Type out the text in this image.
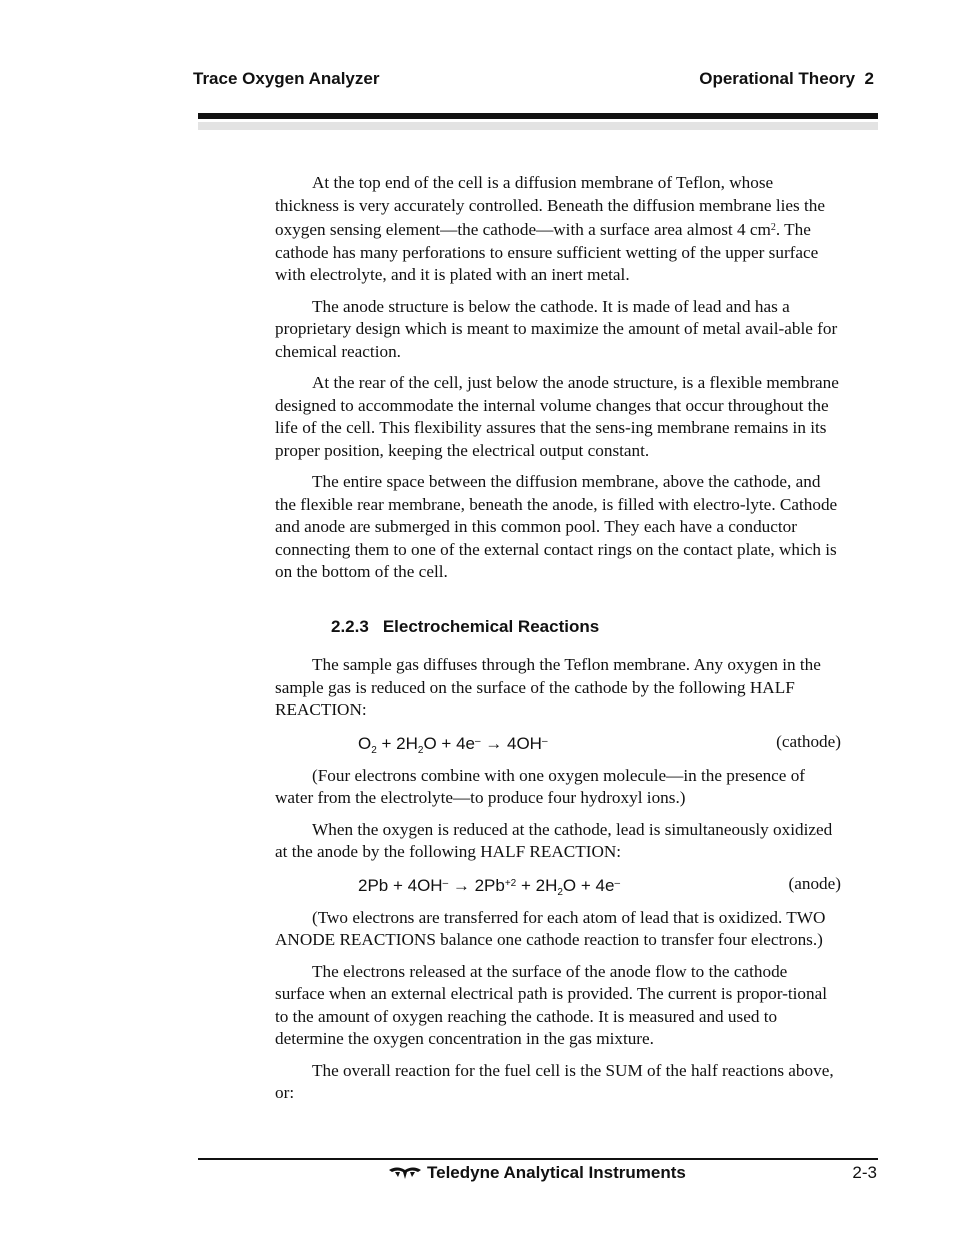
Trace Oxygen Analyzer	Operational Theory  2

At the top end of the cell is a diffusion membrane of Teflon, whose thickness is very accurately controlled. Beneath the diffusion membrane lies the oxygen sensing element—the cathode—with a surface area almost 4 $cm^2$. The cathode has many perforations to ensure sufficient wetting of the upper surface with electrolyte, and it is plated with an inert metal.

The anode structure is below the cathode. It is made of lead and has a proprietary design which is meant to maximize the amount of metal avail-able for chemical reaction.

At the rear of the cell, just below the anode structure, is a flexible membrane designed to accommodate the internal volume changes that occur throughout the life of the cell. This flexibility assures that the sens-ing membrane remains in its proper position, keeping the electrical output constant.

The entire space between the diffusion membrane, above the cathode, and the flexible rear membrane, beneath the anode, is filled with electro-lyte. Cathode and anode are submerged in this common pool. They each have a conductor connecting them to one of the external contact rings on the contact plate, which is on the bottom of the cell.

2.2.3 Electrochemical Reactions

The sample gas diffuses through the Teflon membrane. Any oxygen in the sample gas is reduced on the surface of the cathode by the following HALF REACTION:

$O_2 + 2H_2O + 4e^- \to 4OH^-$	(cathode)

(Four electrons combine with one oxygen molecule—in the presence of water from the electrolyte—to produce four hydroxyl ions.)

When the oxygen is reduced at the cathode, lead is simultaneously oxidized at the anode by the following HALF REACTION:

$2Pb + 4OH^- \to 2Pb^{+2} + 2H_2O + 4e^-$	(anode)

(Two electrons are transferred for each atom of lead that is oxidized. TWO ANODE REACTIONS balance one cathode reaction to transfer four electrons.)

The electrons released at the surface of the anode flow to the cathode surface when an external electrical path is provided. The current is propor-tional to the amount of oxygen reaching the cathode. It is measured and used to determine the oxygen concentration in the gas mixture.

The overall reaction for the fuel cell is the SUM of the half reactions above, or:

Teledyne Analytical Instruments	2-3
